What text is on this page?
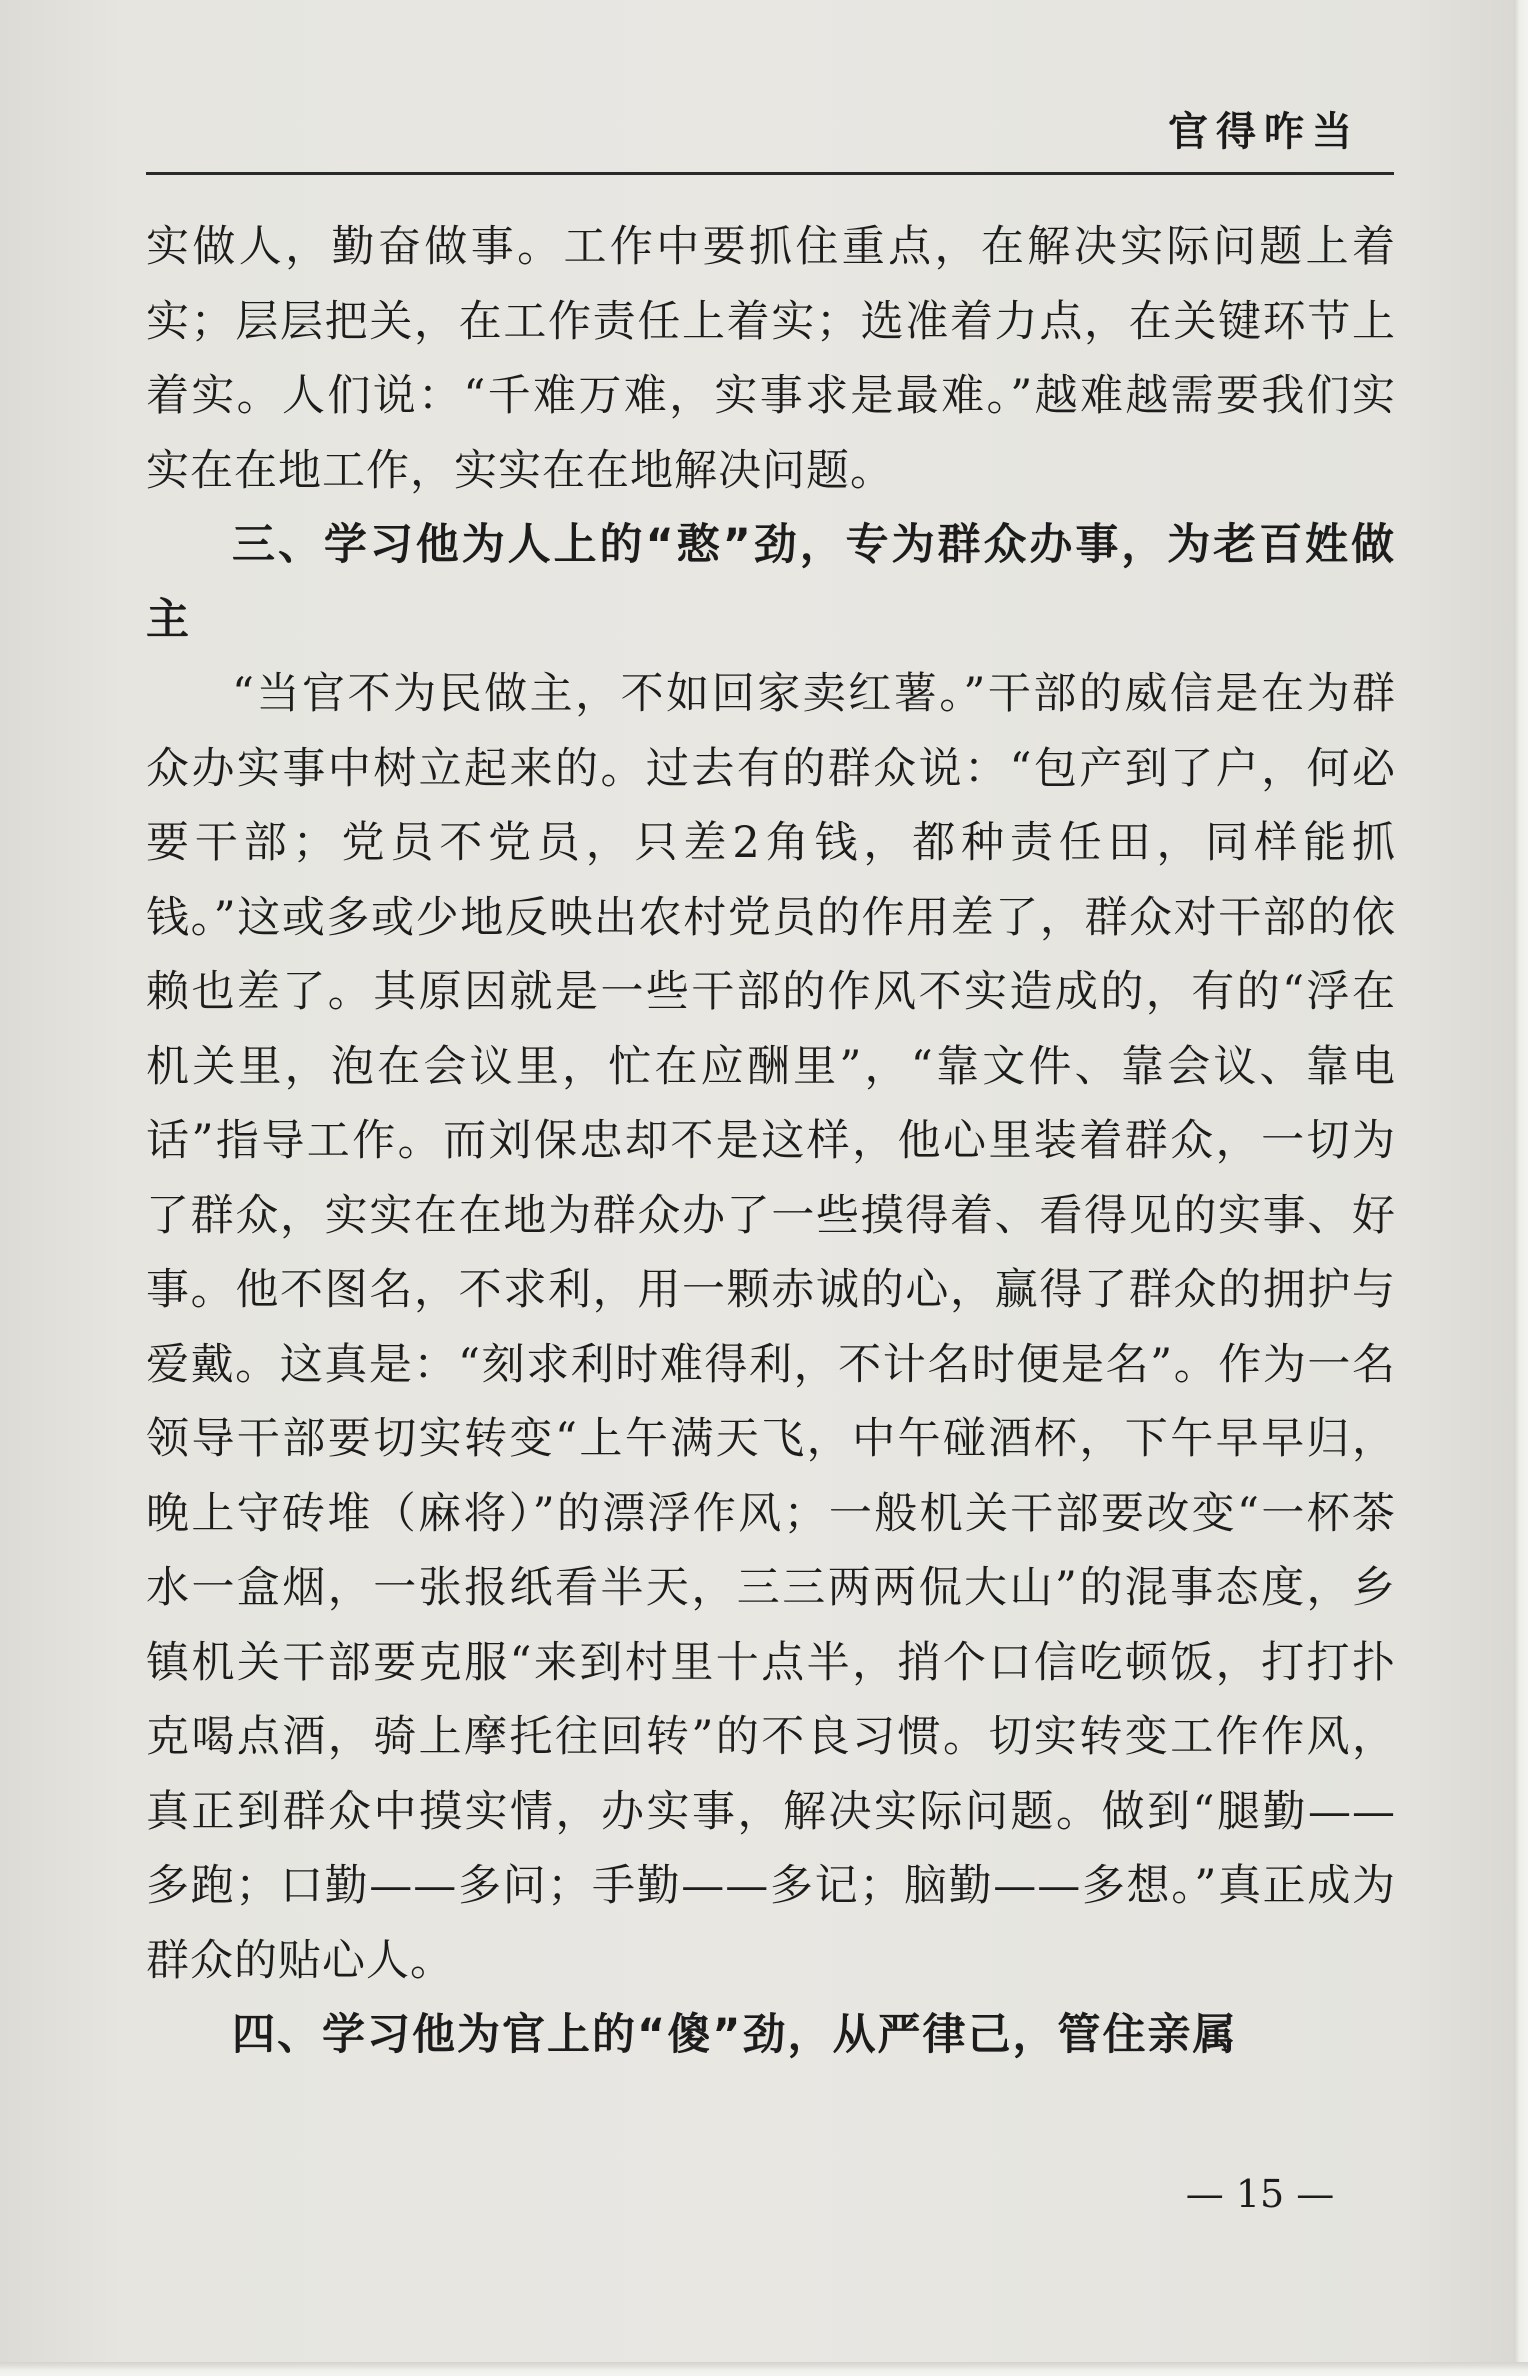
官得咋当

实做人，勤奋做事。工作中要抓住重点，在解决实际问题上着实；层层把关，在工作责任上着实；选准着力点，在关键环节上着实。人们说：“千难万难，实事求是最难。”越难越需要我们实实在在地工作，实实在在地解决问题。

三、学习他为人上的“憨”劲，专为群众办事，为老百姓做主

“当官不为民做主，不如回家卖红薯。”干部的威信是在为群众办实事中树立起来的。过去有的群众说：“包产到了户，何必要干部；党员不党员，只差2角钱，都种责任田，同样能抓钱。”这或多或少地反映出农村党员的作用差了，群众对干部的依赖也差了。其原因就是一些干部的作风不实造成的，有的“浮在机关里，泡在会议里，忙在应酬里”，“靠文件、靠会议、靠电话”指导工作。而刘保忠却不是这样，他心里装着群众，一切为了群众，实实在在地为群众办了一些摸得着、看得见的实事、好事。他不图名，不求利，用一颗赤诚的心，赢得了群众的拥护与爱戴。这真是：“刻求利时难得利，不计名时便是名”。作为一名领导干部要切实转变“上午满天飞，中午碰酒杯，下午早早归，晚上守砖堆（麻将）”的漂浮作风；一般机关干部要改变“一杯茶水一盒烟，一张报纸看半天，三三两两侃大山”的混事态度，乡镇机关干部要克服“来到村里十点半，捎个口信吃顿饭，打打扑克喝点酒，骑上摩托往回转”的不良习惯。切实转变工作作风，真正到群众中摸实情，办实事，解决实际问题。做到“腿勤——多跑；口勤——多问；手勤——多记；脑勤——多想。”真正成为群众的贴心人。

四、学习他为官上的“傻”劲，从严律己，管住亲属

— 15 —
